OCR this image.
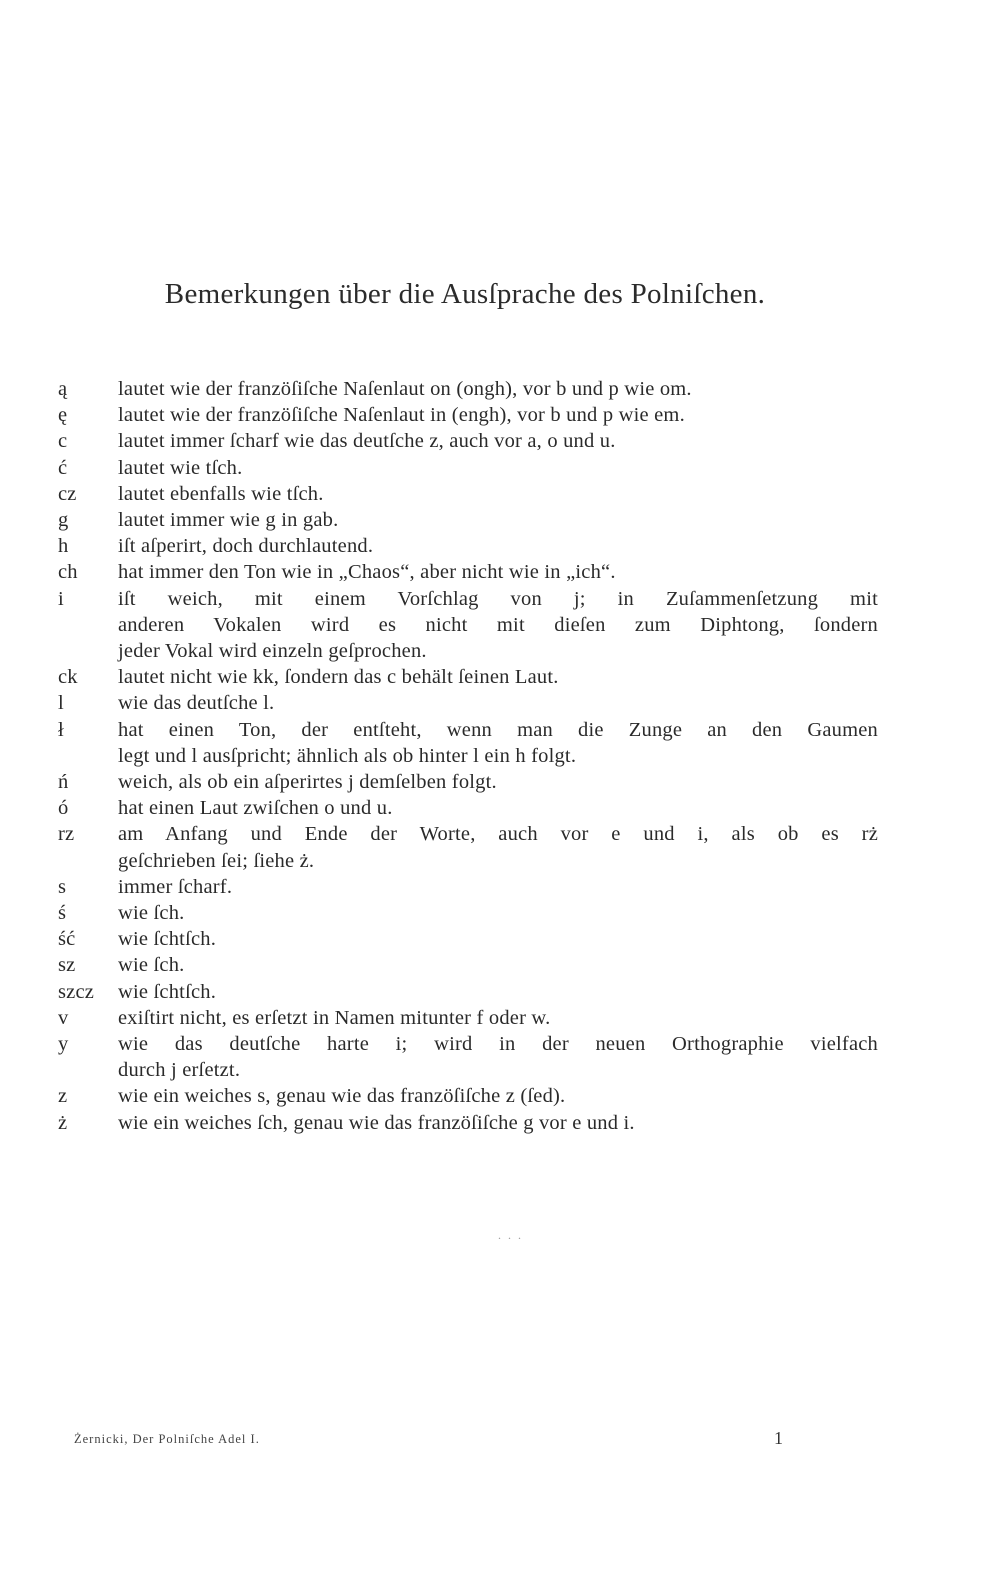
Bemerkungen über die Ausſprache des Polniſchen.
ą	lautet wie der franzöſiſche Naſenlaut on (ongh), vor b und p wie om.
ę	lautet wie der franzöſiſche Naſenlaut in (engh), vor b und p wie em.
c	lautet immer ſcharf wie das deutſche z, auch vor a, o und u.
ć	lautet wie tſch.
cz	lautet ebenfalls wie tſch.
g	lautet immer wie g in gab.
h	iſt aſperirt, doch durchlautend.
ch	hat immer den Ton wie in „Chaos“, aber nicht wie in „ich“.
i	iſt weich, mit einem Vorſchlag von j; in Zuſammenſetzung mit
anderen Vokalen wird es nicht mit dieſen zum Diphtong, ſondern
jeder Vokal wird einzeln geſprochen.
ck	lautet nicht wie kk, ſondern das c behält ſeinen Laut.
l	wie das deutſche l.
ł	hat einen Ton, der entſteht, wenn man die Zunge an den Gaumen
legt und l ausſpricht; ähnlich als ob hinter l ein h folgt.
ń	weich, als ob ein aſperirtes j demſelben folgt.
ó	hat einen Laut zwiſchen o und u.
rz	am Anfang und Ende der Worte, auch vor e und i, als ob es rż
geſchrieben ſei; ſiehe ż.
s	immer ſcharf.
ś	wie ſch.
ść	wie ſchtſch.
sz	wie ſch.
szcz	wie ſchtſch.
v	exiſtirt nicht, es erſetzt in Namen mitunter f oder w.
y	wie das deutſche harte i; wird in der neuen Orthographie vielfach
durch j erſetzt.
z	wie ein weiches s, genau wie das franzöſiſche z (ſed).
ż	wie ein weiches ſch, genau wie das franzöſiſche g vor e und i.
. . .
Żernicki, Der Polniſche Adel I.	1
